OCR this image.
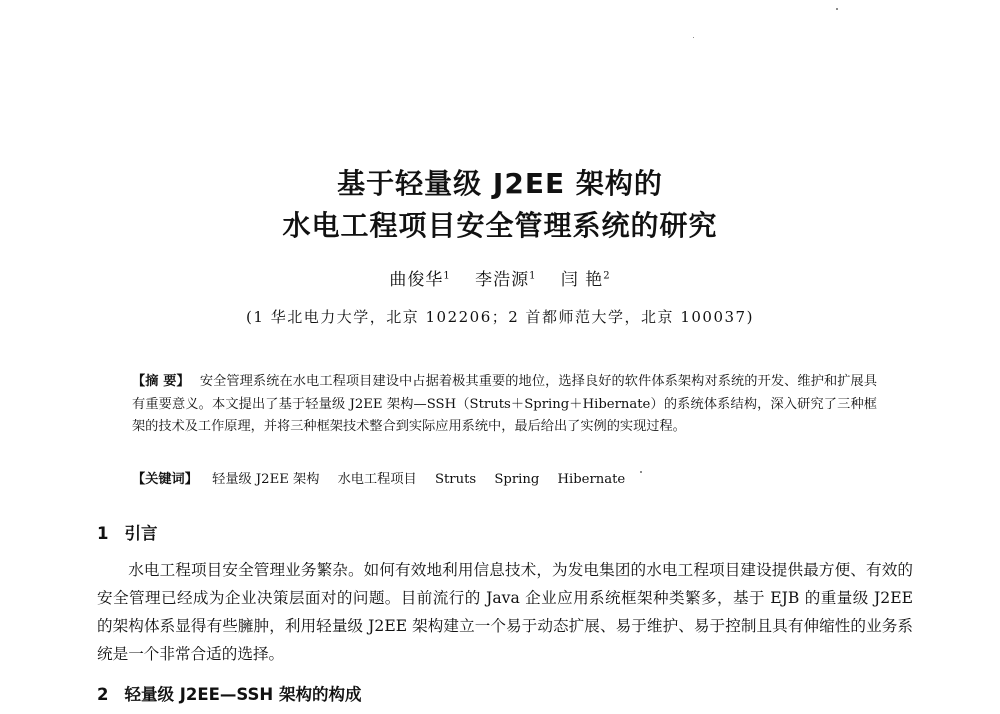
基于轻量级 J2EE 架构的
水电工程项目安全管理系统的研究
曲俊华$^1$ 李浩源$^1$ 闫 艳$^2$
(1 华北电力大学，北京 102206；2 首都师范大学，北京 100037)
【摘 要】 安全管理系统在水电工程项目建设中占据着极其重要的地位，选择良好的软件体系架构对系统的开发、维护和扩展具有重要意义。本文提出了基于轻量级 J2EE 架构—SSH（Struts＋Spring＋Hibernate）的系统体系结构，深入研究了三种框架的技术及工作原理，并将三种框架技术整合到实际应用系统中，最后给出了实例的实现过程。
【关键词】 轻量级 J2EE 架构 水电工程项目 Struts Spring Hibernate
1 引言
水电工程项目安全管理业务繁杂。如何有效地利用信息技术，为发电集团的水电工程项目建设提供最方便、有效的安全管理已经成为企业决策层面对的问题。目前流行的 Java 企业应用系统框架种类繁多，基于 EJB 的重量级 J2EE 的架构体系显得有些臃肿，利用轻量级 J2EE 架构建立一个易于动态扩展、易于维护、易于控制且具有伸缩性的业务系统是一个非常合适的选择。
2 轻量级 J2EE—SSH 架构的构成
